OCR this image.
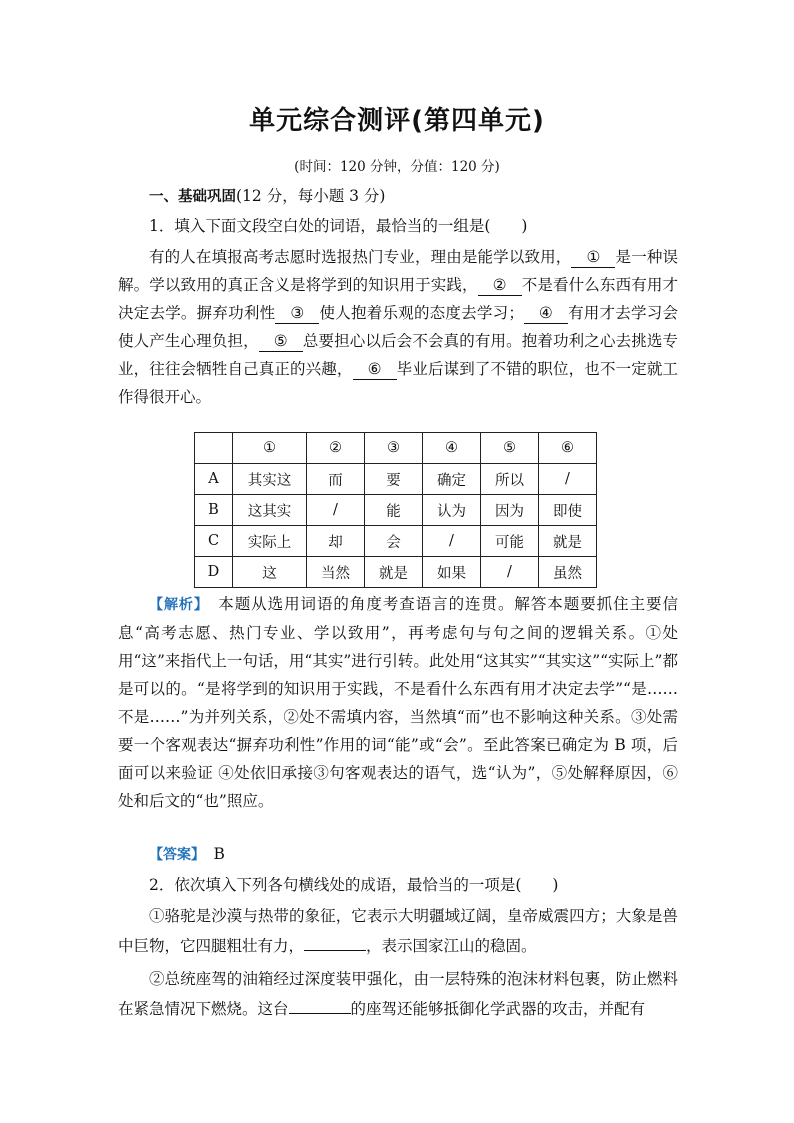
单元综合测评(第四单元)
(时间：120 分钟，分值：120 分)
一、基础巩固(12 分，每小题 3 分)
1．填入下面文段空白处的词语，最恰当的一组是(　　)
有的人在填报高考志愿时选报热门专业，理由是能学以致用， ① 是一种误解。学以致用的真正含义是将学到的知识用于实践， ② 不是看什么东西有用才决定去学。摒弃功利性 ③ 使人抱着乐观的态度去学习； ④ 有用才去学习会使人产生心理负担， ⑤ 总要担心以后会不会真的有用。抱着功利之心去挑选专业，往往会牺牲自己真正的兴趣， ⑥ 毕业后谋到了不错的职位，也不一定就工作得很开心。
	①	②	③	④	⑤	⑥
A	其实这	而	要	确定	所以	/
B	这其实	/	能	认为	因为	即使
C	实际上	却	会	/	可能	就是
D	这	当然	就是	如果	/	虽然
【解析】　 本题从选用词语的角度考查语言的连贯。解答本题要抓住主要信息“高考志愿、热门专业、学以致用”，再考虑句与句之间的逻辑关系。①处用“这”来指代上一句话，用“其实”进行引转。此处用“这其实”“其实这”“实际上”都是可以的。“是将学到的知识用于实践，不是看什么东西有用才决定去学”“是……不是……”为并列关系，②处不需填内容，当然填“而”也不影响这种关系。③处需要一个客观表达“摒弃功利性”作用的词“能”或“会”。至此答案已确定为 B 项，后面可以来验证 ④处依旧承接③句客观表达的语气，选“认为”，⑤处解释原因，⑥处和后文的“也”照应。
【答案】　 B
2．依次填入下列各句横线处的成语，最恰当的一项是(　　)
①骆驼是沙漠与热带的象征，它表示大明疆域辽阔，皇帝威震四方；大象是兽中巨物，它四腿粗壮有力，	，表示国家江山的稳固。
②总统座驾的油箱经过深度装甲强化，由一层特殊的泡沫材料包裹，防止燃料在紧急情况下燃烧。这台	的座驾还能够抵御化学武器的攻击，并配有
